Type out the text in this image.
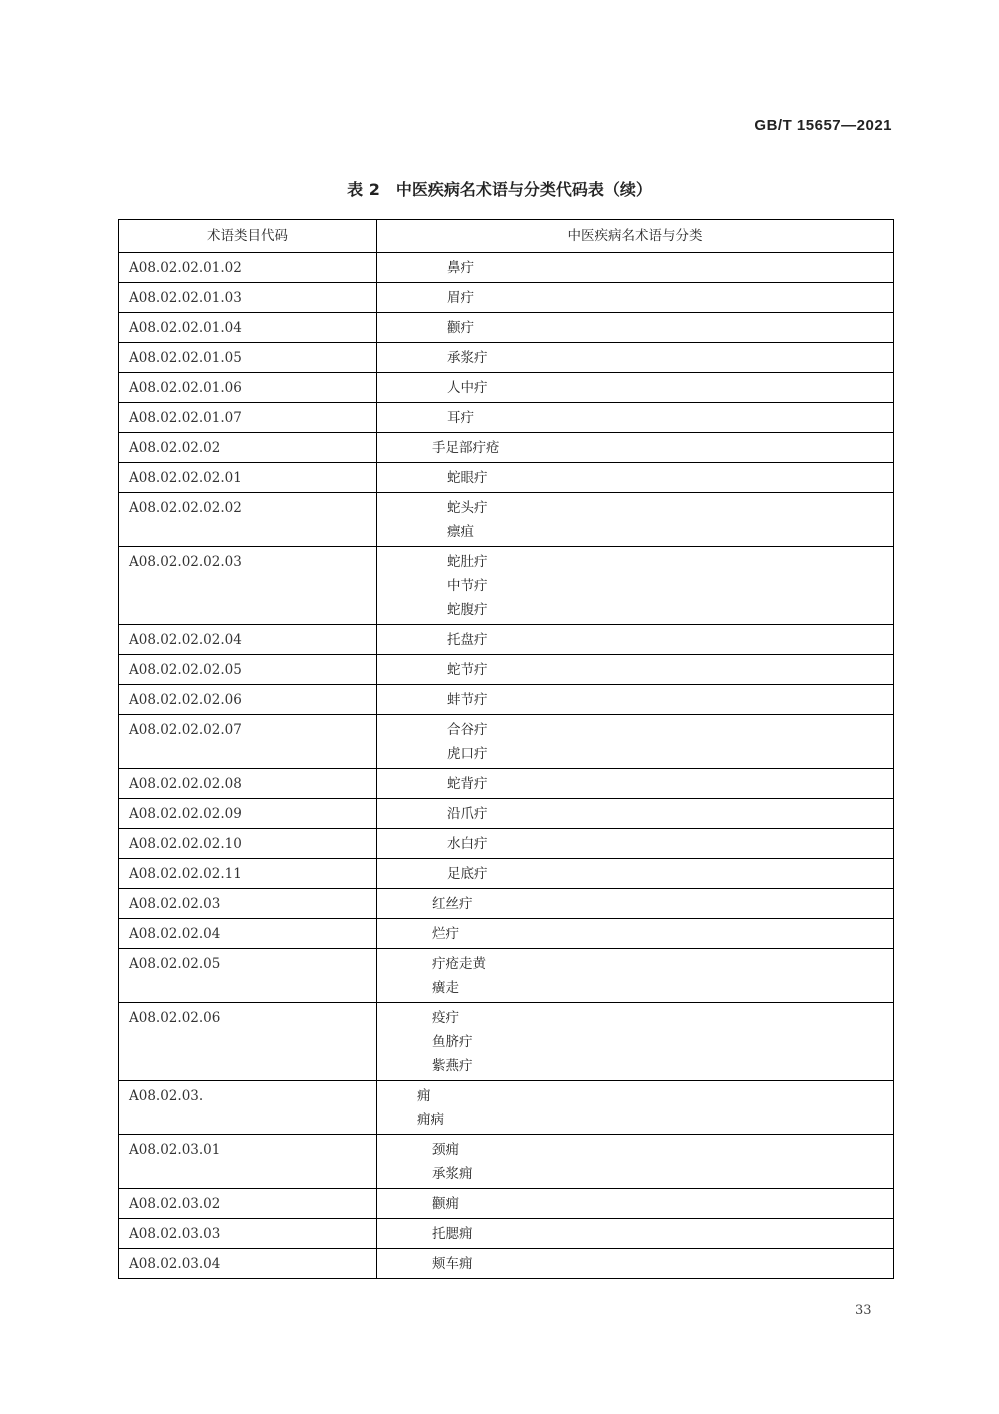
GB/T 15657—2021
表 2　中医疾病名术语与分类代码表（续）
术语类目代码	中医疾病名术语与分类
A08.02.02.01.02	鼻疔

A08.02.02.01.03	眉疔

A08.02.02.01.04	颧疔

A08.02.02.01.05	承浆疔

A08.02.02.01.06	人中疔

A08.02.02.01.07	耳疔

A08.02.02.02	手足部疔疮

A08.02.02.02.01	蛇眼疔

A08.02.02.02.02	蛇头疔
瘭疽

A08.02.02.02.03	蛇肚疔
中节疔
蛇腹疔

A08.02.02.02.04	托盘疔

A08.02.02.02.05	蛇节疔

A08.02.02.02.06	蚌节疔

A08.02.02.02.07	合谷疔
虎口疔

A08.02.02.02.08	蛇背疔

A08.02.02.02.09	沿爪疔

A08.02.02.02.10	水白疔

A08.02.02.02.11	足底疔

A08.02.02.03	红丝疔

A08.02.02.04	烂疔

A08.02.02.05	疔疮走黄
癀走

A08.02.02.06	疫疔
鱼脐疔
紫燕疔

A08.02.03.	痈
痈病

A08.02.03.01	颈痈
承浆痈

A08.02.03.02	颧痈

A08.02.03.03	托腮痈

A08.02.03.04	颊车痈
33
